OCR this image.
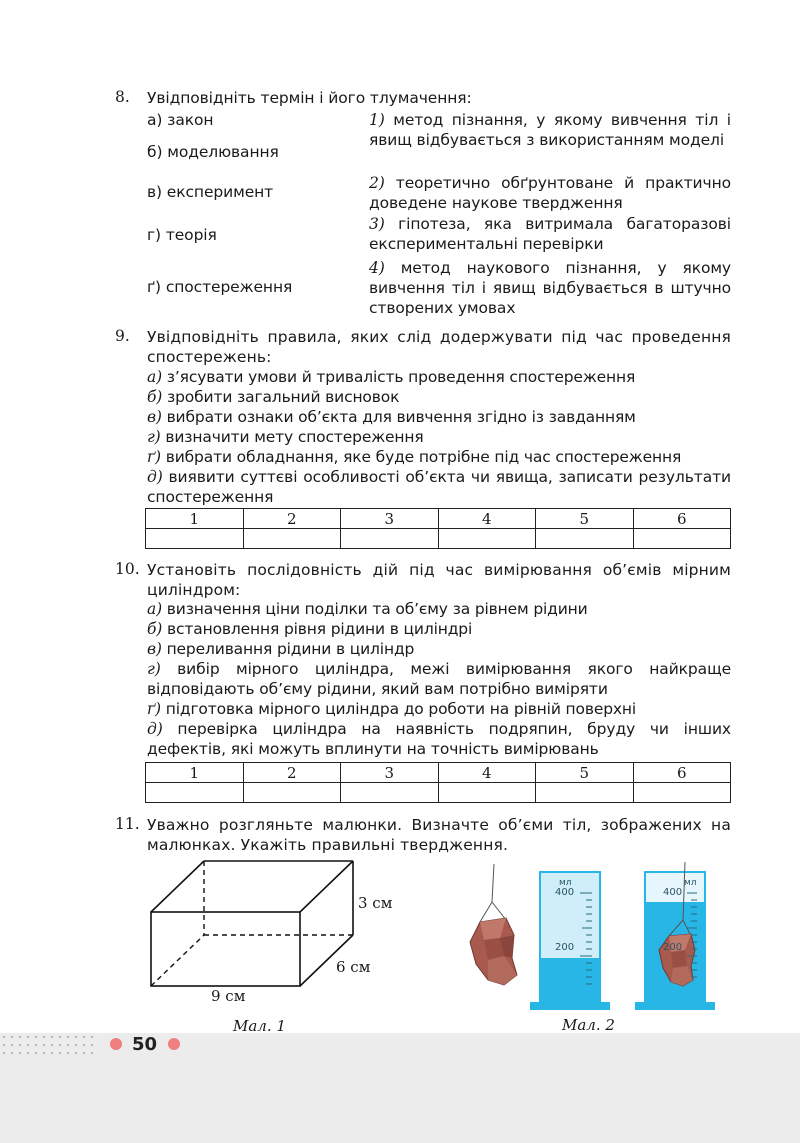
8. Увідповідніть термін і його тлумачення:
а) закон
б) моделювання
в) експеримент
г) теорія
ґ) спостереження
1) метод пізнання, у якому вивчення тіл і явищ відбувається з використанням моделі
2) теоретично обґрунтоване й практично доведене наукове твердження
3) гіпотеза, яка витримала багаторазові експериментальні перевірки
4) метод наукового пізнання, у якому вивчення тіл і явищ відбувається в штучно створених умовах
9. Увідповідніть правила, яких слід додержувати під час проведення спостережень:
а) з’ясувати умови й тривалість проведення спостереження
б) зробити загальний висновок
в) вибрати ознаки об’єкта для вивчення згідно із завданням
г) визначити мету спостереження
ґ) вибрати обладнання, яке буде потрібне під час спостереження
д) виявити суттєві особливості об’єкта чи явища, записати результати спостереження
1	2	3	4	5	6

10. Установіть послідовність дій під час вимірювання об’ємів мірним циліндром:
а) визначення ціни поділки та об’єму за рівнем рідини
б) встановлення рівня рідини в циліндрі
в) переливання рідини в циліндр
г) вибір мірного циліндра, межі вимірювання якого найкраще відповідають об’єму рідини, який вам потрібно виміряти
ґ) підготовка мірного циліндра до роботи на рівній поверхні
д) перевірка циліндра на наявність подряпин, бруду чи інших дефектів, які можуть вплинути на точність вимірювань
1	2	3	4	5	6

11. Уважно розгляньте малюнки. Визначте об’єми тіл, зображених на малюнках. Укажіть правильні твердження.
50
3 см
6 см
9 см
Мал. 1	Мал. 2
мл
400
200
мл
400
200
